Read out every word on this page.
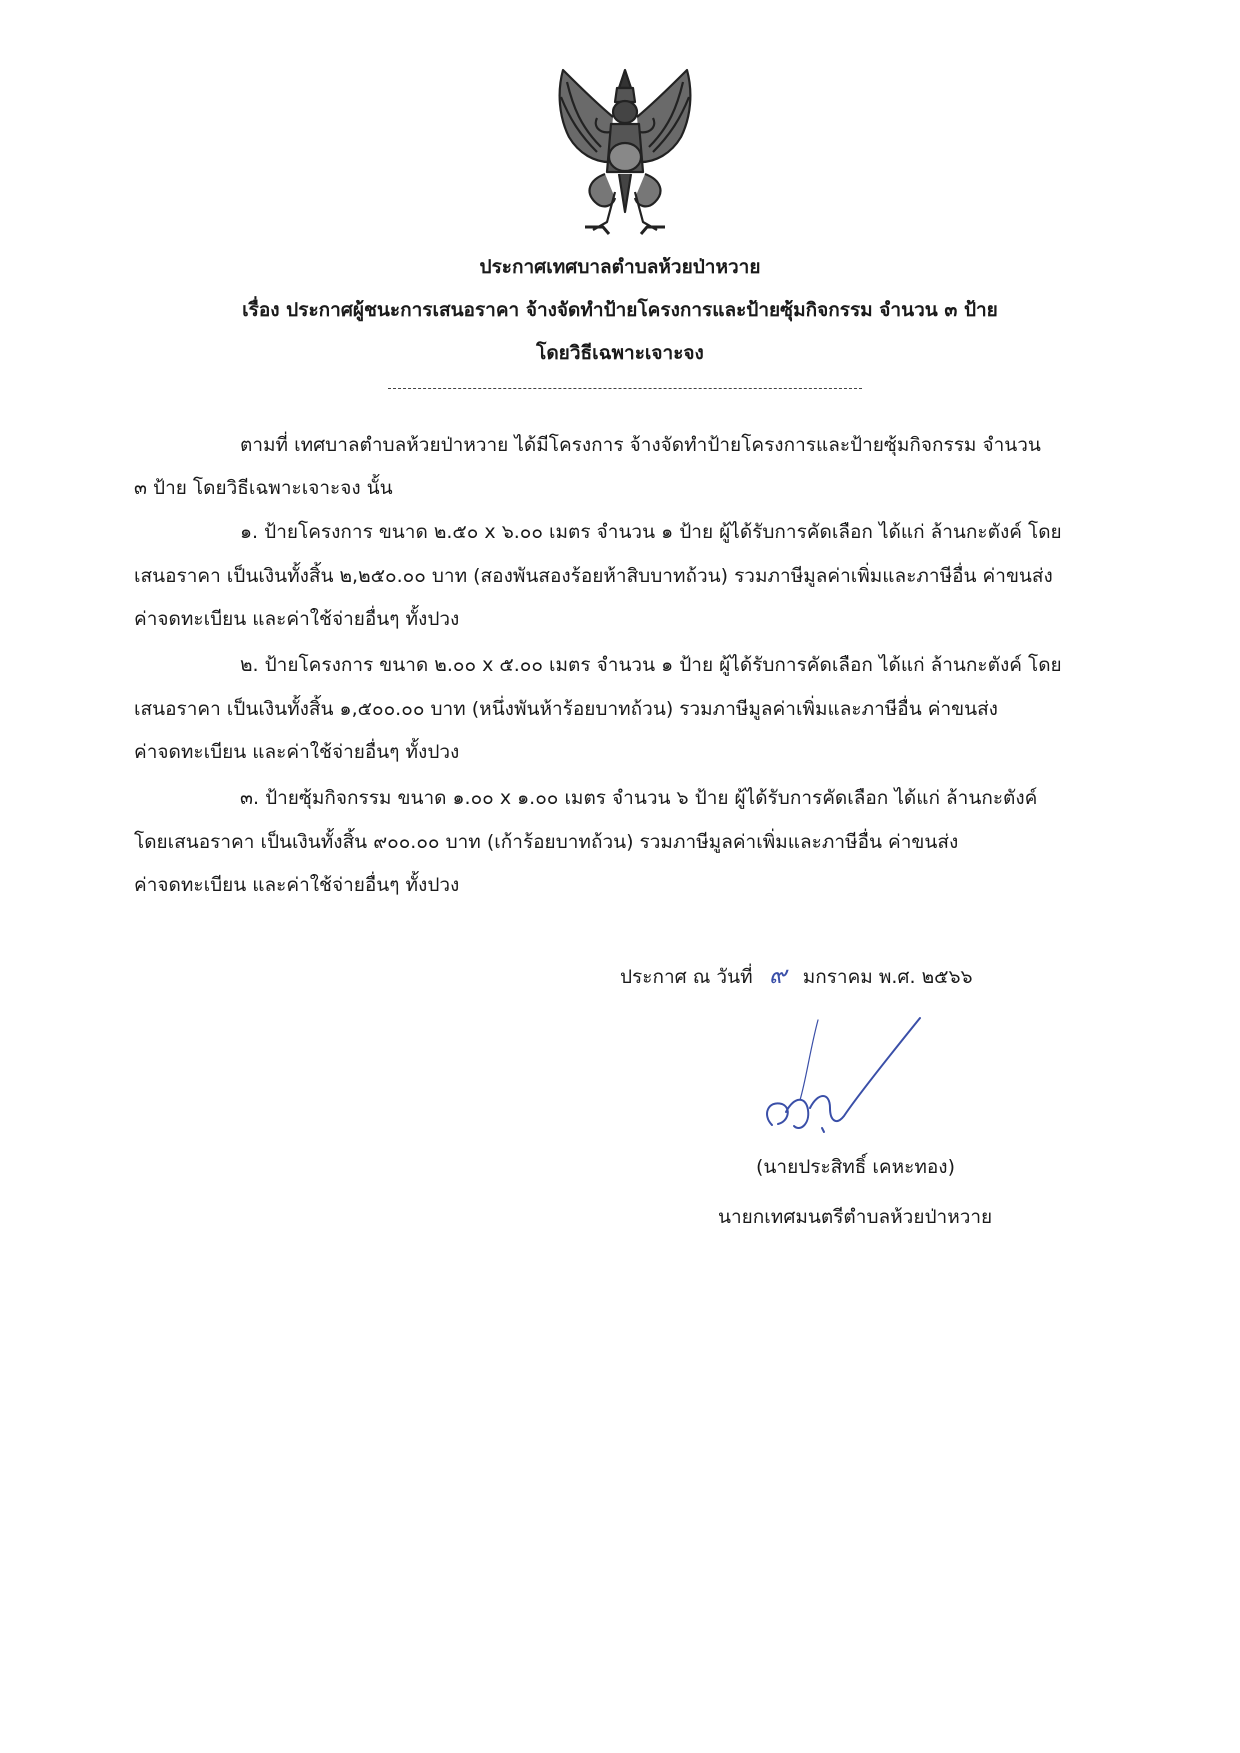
ประกาศเทศบาลตำบลห้วยป่าหวาย
เรื่อง ประกาศผู้ชนะการเสนอราคา จ้างจัดทำป้ายโครงการและป้ายซุ้มกิจกรรม จำนวน ๓ ป้าย
โดยวิธีเฉพาะเจาะจง
ตามที่ เทศบาลตำบลห้วยป่าหวาย ได้มีโครงการ จ้างจัดทำป้ายโครงการและป้ายซุ้มกิจกรรม จำนวน
๓ ป้าย โดยวิธีเฉพาะเจาะจง นั้น
๑. ป้ายโครงการ ขนาด ๒.๕๐ x ๖.๐๐ เมตร จำนวน ๑ ป้าย ผู้ได้รับการคัดเลือก ได้แก่ ล้านกะตังค์ โดย
เสนอราคา เป็นเงินทั้งสิ้น ๒,๒๕๐.๐๐ บาท (สองพันสองร้อยห้าสิบบาทถ้วน) รวมภาษีมูลค่าเพิ่มและภาษีอื่น ค่าขนส่ง
ค่าจดทะเบียน และค่าใช้จ่ายอื่นๆ ทั้งปวง
๒. ป้ายโครงการ ขนาด ๒.๐๐ x ๕.๐๐ เมตร จำนวน ๑ ป้าย ผู้ได้รับการคัดเลือก ได้แก่ ล้านกะตังค์ โดย
เสนอราคา เป็นเงินทั้งสิ้น ๑,๕๐๐.๐๐ บาท (หนึ่งพันห้าร้อยบาทถ้วน) รวมภาษีมูลค่าเพิ่มและภาษีอื่น ค่าขนส่ง
ค่าจดทะเบียน และค่าใช้จ่ายอื่นๆ ทั้งปวง
๓. ป้ายซุ้มกิจกรรม ขนาด ๑.๐๐ x ๑.๐๐ เมตร จำนวน ๖ ป้าย ผู้ได้รับการคัดเลือก ได้แก่ ล้านกะตังค์
โดยเสนอราคา เป็นเงินทั้งสิ้น ๙๐๐.๐๐ บาท (เก้าร้อยบาทถ้วน) รวมภาษีมูลค่าเพิ่มและภาษีอื่น ค่าขนส่ง
ค่าจดทะเบียน และค่าใช้จ่ายอื่นๆ ทั้งปวง
ประกาศ ณ วันที่ ๙ มกราคม พ.ศ. ๒๕๖๖
(นายประสิทธิ์ เคหะทอง)
นายกเทศมนตรีตำบลห้วยป่าหวาย
